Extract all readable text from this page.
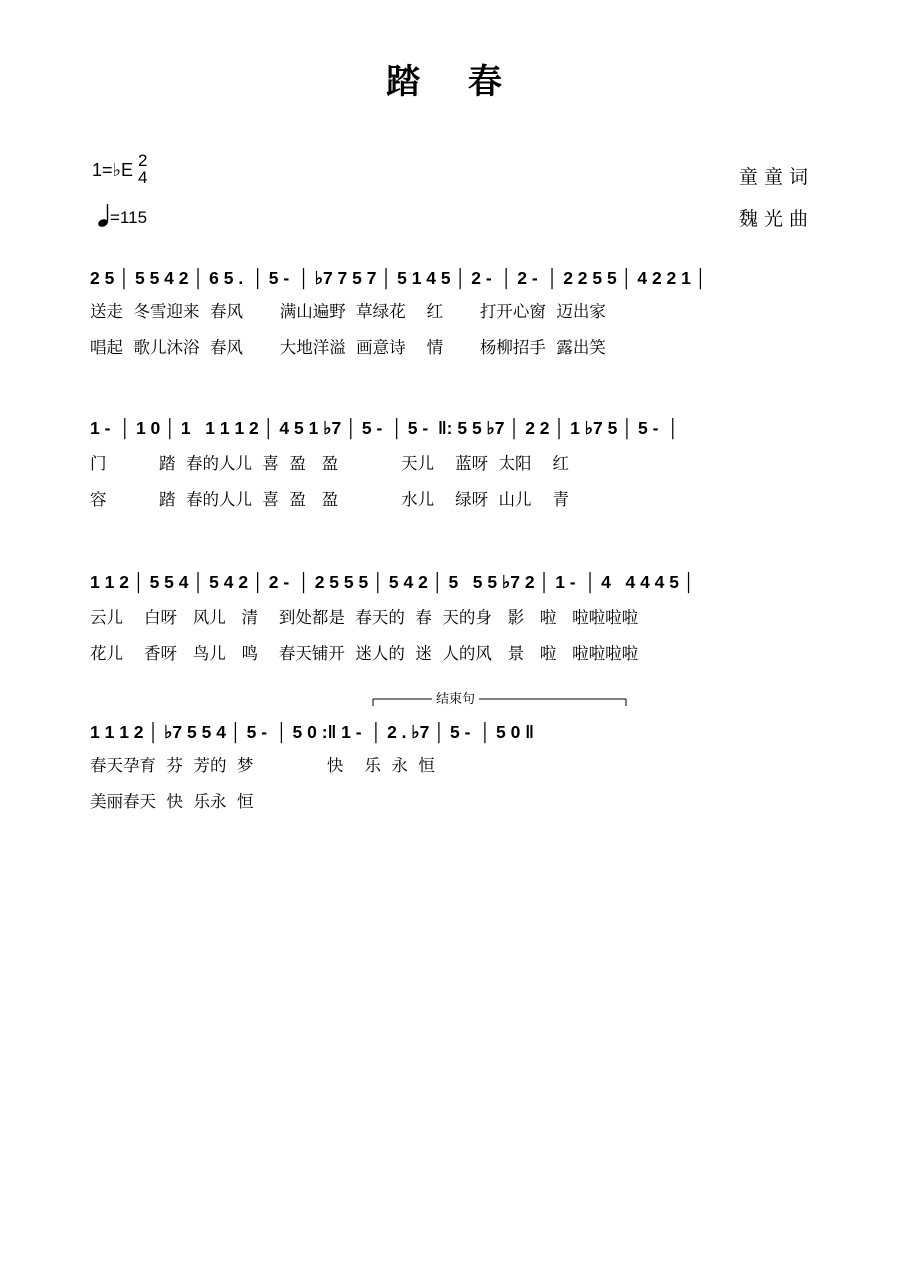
踏 春
1=♭E 2
4
=115
童 童 词
魏 光 曲
2 5 │ 5 5 4 2 │ 6 5 .  │ 5 -  │ ♭7 7 5 7 │ 5 1 4 5 │ 2 -  │ 2 -  │ 2 2 5 5 │ 4 2 2 1 │
送走  冬雪迎来  春风       满山遍野  草绿花    红       打开心窗  迈出家
唱起  歌儿沐浴  春风       大地洋溢  画意诗    情       杨柳招手  露出笑
1 -  │ 1 0 │ 1   1 1 1 2 │ 4 5 1 ♭7 │ 5 -  │ 5 -  ‖: 5 5 ♭7 │ 2 2 │ 1 ♭7 5 │ 5 -  │
门          踏  春的人儿  喜  盈   盈            天儿    蓝呀  太阳    红
容          踏  春的人儿  喜  盈   盈            水儿    绿呀  山儿    青
1 1 2 │ 5 5 4 │ 5 4 2 │ 2 -  │ 2 5 5 5 │ 5 4 2 │ 5   5 5 ♭7 2 │ 1 -  │ 4   4 4 4 5 │
云儿    白呀   风儿   清    到处都是  春天的  春  天的身   影   啦   啦啦啦啦
花儿    香呀   鸟儿   鸣    春天铺开  迷人的  迷  人的风   景   啦   啦啦啦啦
结束句
1 1 1 2 │ ♭7 5 5 4 │ 5 -  │ 5 0 :‖ 1 -  │ 2 . ♭7 │ 5 -  │ 5 0 ‖
春天孕育  芬  芳的  梦              快    乐  永  恒
美丽春天  快  乐永  恒
